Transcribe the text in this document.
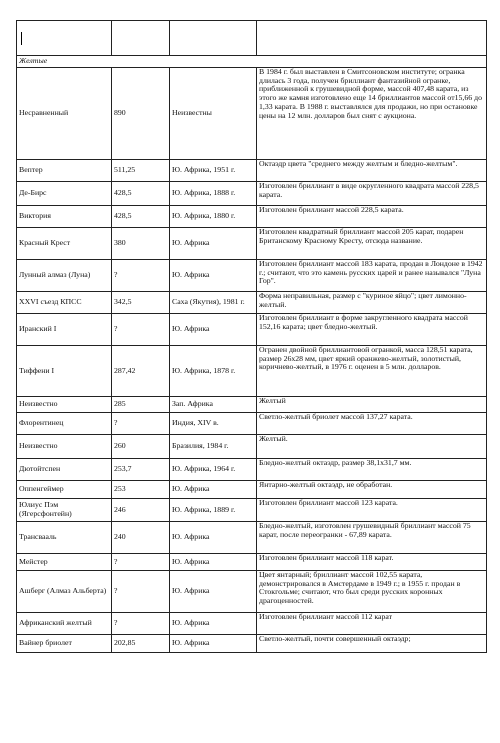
Желтые			
Несравненный	890	Неизвестны	В 1984 г. был выставлен в Смитсоновском институте; огранка длилась 3 года, получен бриллиант фантазийной огранке, приближенной к грушевидной форме, массой 407,48 карата, из этого же камня изготовлено еще 14 бриллиантов массой от15,66 до 1,33 карата. В 1988 г. выставлялся для продажи, но при остановке цены на 12 млн. долларов был снят с аукциона.
Вептер	511,25	Ю. Африка, 1951 г.	Октаэдр цвета "среднего между желтым и бледно-желтым".
Де-Бирс	428,5	Ю. Африка, 1888 г.	Изготовлен бриллиант в виде округленного квадрата массой 228,5 карата.
Виктория	428,5	Ю. Африка, 1880 г.	Изготовлен бриллиант массой 228,5 карата.
Красный Крест	380	Ю. Африка	Изготовлен квадратный бриллиант массой 205 карат, подарен Британскому Красному Кресту, отсюда название.
Лунный алмаз (Луна)	?	Ю. Африка	Изготовлен бриллиант массой 183 карата, продан в Лондоне в 1942 г.; считают, что это камень русских царей и ранее назывался "Луна Гор".
XXVI съезд КПСС	342,5	Саха (Якутия), 1981 г.	Форма неправильная, размер с "куриное яйцо"; цвет лимонно-желтый.
Иранский I	?	Ю. Африка	Изготовлен бриллиант в форме закругленного квадрата массой 152,16 карата; цвет бледно-желтый.
Тиффени I	287,42	Ю. Африка, 1878 г.	Огранен двойной бриллиантовой огранкой, масса 128,51 карата, размер 26х28 мм, цвет яркий оранжево-желтый, золотистый, коричнево-желтый, в 1976 г. оценен в 5 млн. долларов.
Неизвестно	285	Зап. Африка	Желтый
Флорентинец	?	Индия, XIV в.	Светло-желтый бриолет массой 137,27 карата.
Неизвестно	260	Бразилия, 1984 г.	Желтый.
Дютойтспен	253,7	Ю. Африка, 1964 г.	Бледно-желтый октаэдр, размер 38,1х31,7 мм.
Оппенгеймер	253	Ю. Африка	Янтарно-желтый октаэдр, не обработан.
Юлиус Пэм (Ягерсфонтейн)	246	Ю. Африка, 1889 г.	Изготовлен бриллиант массой 123 карата.
Трансвааль	240	Ю. Африка	Бледно-желтый, изготовлен грушевидный бриллиант массой 75 карат, после переогранки - 67,89 карата.
Мейстер	?	Ю. Африка	Изготовлен бриллиант массой 118 карат.
Ашберг (Алмаз Альберта)	?	Ю. Африка	Цвет янтарный; бриллиант массой 102,55 карата, демонстрировался в Амстердаме в 1949 г.; в 1955 г. продан в Стокгольме; считают, что был среди русских коронных драгоценностей.
Африканский желтый	?	Ю. Африка	Изготовлен бриллиант массой 112 карат
Вайнер бриолет	202,85	Ю. Африка	Светло-желтый, почти совершенный октаэдр;
